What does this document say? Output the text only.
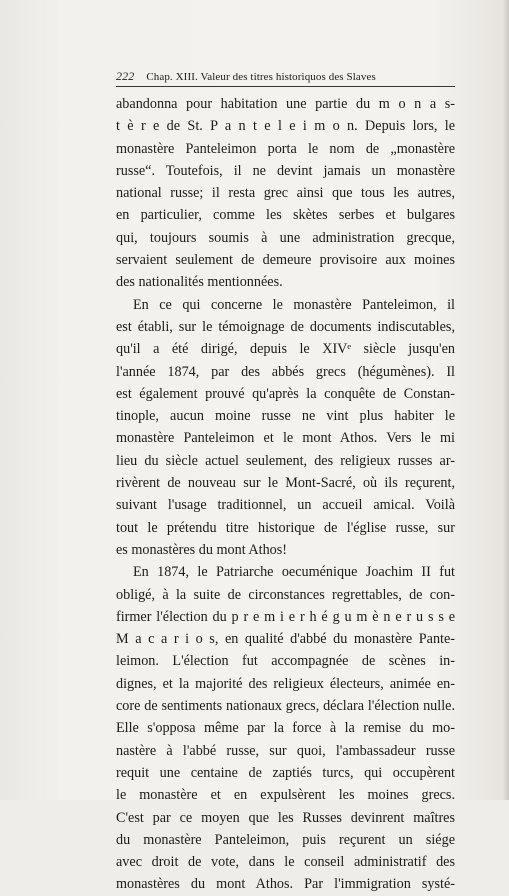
222 Chap. XIII. Valeur des titres historiquos des Slaves
abandonna pour habitation une partie du m o n a s-
t è r e de St. P a n t e l e i m o n. Depuis lors, le
monastère Panteleimon porta le nom de „monastère
russe“. Toutefois, il ne devint jamais un monastère
national russe; il resta grec ainsi que tous les autres,
en particulier, comme les skètes serbes et bulgares
qui, toujours soumis à une administration grecque,
servaient seulement de demeure provisoire aux moines
des nationalités mentionnées.
En ce qui concerne le monastère Panteleimon, il
est établi, sur le témoignage de documents indiscutables,
qu'il a été dirigé, depuis le XIVᵉ siècle jusqu'en
l'année 1874, par des abbés grecs (hégumènes). Il
est également prouvé qu'après la conquête de Constan-
tinople, aucun moine russe ne vint plus habiter le
monastère Panteleimon et le mont Athos. Vers le mi
lieu du siècle actuel seulement, des religieux russes ar-
rivèrent de nouveau sur le Mont-Sacré, où ils reçurent,
suivant l'usage traditionnel, un accueil amical. Voilà
tout le prétendu titre historique de l'église russe, sur
es monastères du mont Athos!
En 1874, le Patriarche oecuménique Joachim II fut
obligé, à la suite de circonstances regrettables, de con-
firmer l'élection du p r e m i e r h é g u m è n e r u s s e
M a c a r i o s, en qualité d'abbé du monastère Pante-
leimon. L'élection fut accompagnée de scènes in-
dignes, et la majorité des religieux électeurs, animée en-
core de sentiments nationaux grecs, déclara l'élection nulle.
Elle s'opposa même par la force à la remise du mo-
nastère à l'abbé russe, sur quoi, l'ambassadeur russe
requit une centaine de zaptiés turcs, qui occupèrent
le monastère et en expulsèrent les moines grecs.
C'est par ce moyen que les Russes devinrent maîtres
du monastère Panteleimon, puis reçurent un siége
avec droit de vote, dans le conseil administratif des
monastères du mont Athos. Par l'immigration systé-
